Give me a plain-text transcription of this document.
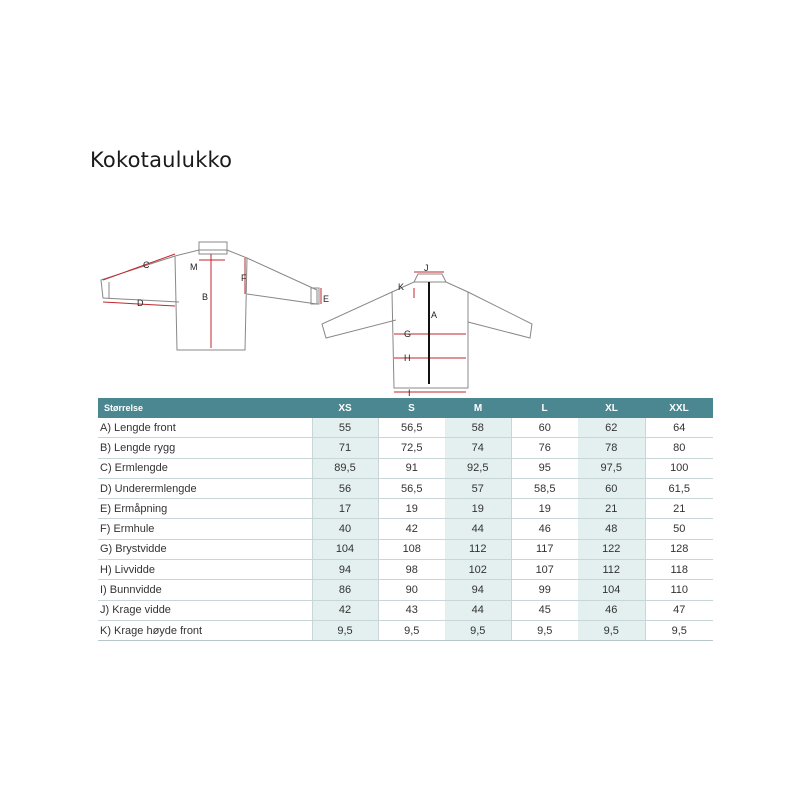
Kokotaulukko
C	M
F
B
D	E
J
K
A
G
H
I
Størrelse	XS	S	M	L	XL	XXL
A) Lengde front	55	56,5	58	60	62	64
B) Lengde rygg	71	72,5	74	76	78	80
C) Ermlengde	89,5	91	92,5	95	97,5	100
D) Underermlengde	56	56,5	57	58,5	60	61,5
E) Ermåpning	17	19	19	19	21	21
F) Ermhule	40	42	44	46	48	50
G) Brystvidde	104	108	112	117	122	128
H) Livvidde	94	98	102	107	112	118
I) Bunnvidde	86	90	94	99	104	110
J) Krage vidde	42	43	44	45	46	47
K) Krage høyde front	9,5	9,5	9,5	9,5	9,5	9,5
